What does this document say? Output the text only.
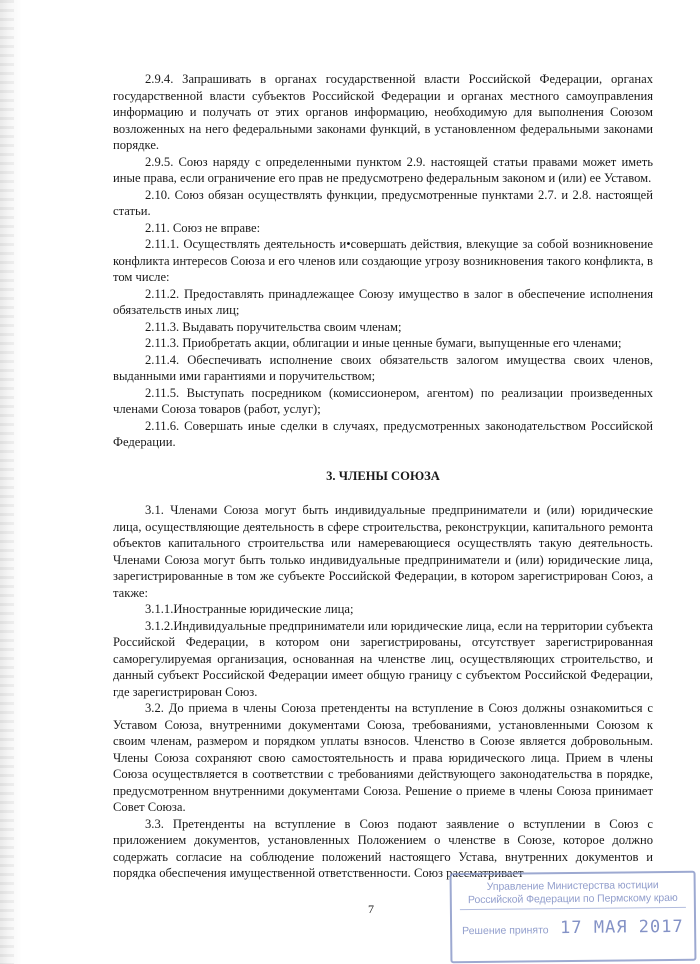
2.9.4. Запрашивать в органах государственной власти Российской Федерации, органах государственной власти субъектов Российской Федерации и органах местного самоуправления информацию и получать от этих органов информацию, необходимую для выполнения Союзом возложенных на него федеральными законами функций, в установленном федеральными законами порядке.

2.9.5. Союз наряду с определенными пунктом 2.9. настоящей статьи правами может иметь иные права, если ограничение его прав не предусмотрено федеральным законом и (или) ее Уставом.

2.10. Союз обязан осуществлять функции, предусмотренные пунктами 2.7. и 2.8. настоящей статьи.

2.11. Союз не вправе:

2.11.1. Осуществлять деятельность и•совершать действия, влекущие за собой возникновение конфликта интересов Союза и его членов или создающие угрозу возникновения такого конфликта, в том числе:

2.11.2. Предоставлять принадлежащее Союзу имущество в залог в обеспечение исполнения обязательств иных лиц;

2.11.3. Выдавать поручительства своим членам;

2.11.3. Приобретать акции, облигации и иные ценные бумаги, выпущенные его членами;

2.11.4. Обеспечивать исполнение своих обязательств залогом имущества своих членов, выданными ими гарантиями и поручительством;

2.11.5. Выступать посредником (комиссионером, агентом) по реализации произведенных членами Союза товаров (работ, услуг);

2.11.6. Совершать иные сделки в случаях, предусмотренных законодательством Российской Федерации.

3. ЧЛЕНЫ СОЮЗА

3.1. Членами Союза могут быть индивидуальные предприниматели и (или) юридические лица, осуществляющие деятельность в сфере строительства, реконструкции, капитального ремонта объектов капитального строительства или намеревающиеся осуществлять такую деятельность. Членами Союза могут быть только индивидуальные предприниматели и (или) юридические лица, зарегистрированные в том же субъекте Российской Федерации, в котором зарегистрирован Союз, а также:

3.1.1.Иностранные юридические лица;

3.1.2.Индивидуальные предприниматели или юридические лица, если на территории субъекта Российской Федерации, в котором они зарегистрированы, отсутствует зарегистрированная саморегулируемая организация, основанная на членстве лиц, осуществляющих строительство, и данный субъект Российской Федерации имеет общую границу с субъектом Российской Федерации, где зарегистрирован Союз.

3.2. До приема в члены Союза претенденты на вступление в Союз должны ознакомиться с Уставом Союза, внутренними документами Союза, требованиями, установленными Союзом к своим членам, размером и порядком уплаты взносов. Членство в Союзе является добровольным. Члены Союза сохраняют свою самостоятельность и права юридического лица. Прием в члены Союза осуществляется в соответствии с требованиями действующего законодательства в порядке, предусмотренном внутренними документами Союза. Решение о приеме в члены Союза принимает Совет Союза.

3.3. Претенденты на вступление в Союз подают заявление о вступлении в Союз с приложением документов, установленных Положением о членстве в Союзе, которое должно содержать согласие на соблюдение положений настоящего Устава, внутренних документов и порядка обеспечения имущественной ответственности. Союз рассматривает

7
Управление Министерства юстиции Российской Федерации по Пермскому краю
Решение принято 17 МАЯ 2017
